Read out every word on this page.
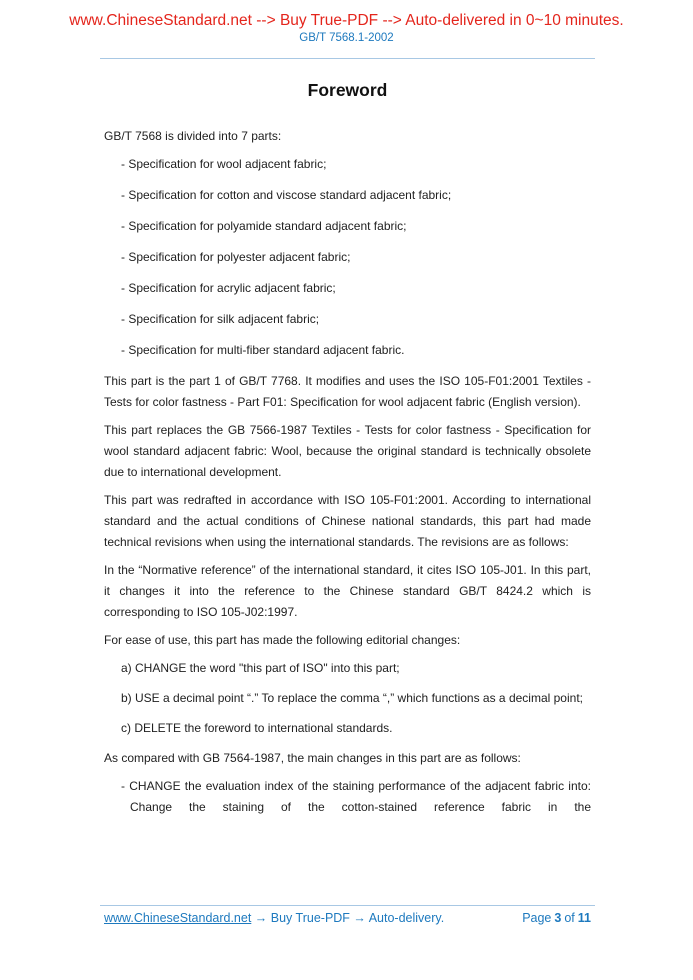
www.ChineseStandard.net --> Buy True-PDF --> Auto-delivered in 0~10 minutes.
GB/T 7568.1-2002
Foreword

GB/T 7568 is divided into 7 parts:

- Specification for wool adjacent fabric;

- Specification for cotton and viscose standard adjacent fabric;

- Specification for polyamide standard adjacent fabric;

- Specification for polyester adjacent fabric;

- Specification for acrylic adjacent fabric;

- Specification for silk adjacent fabric;

- Specification for multi-fiber standard adjacent fabric.

This part is the part 1 of GB/T 7768. It modifies and uses the ISO 105-F01:2001 Textiles - Tests for color fastness - Part F01: Specification for wool adjacent fabric (English version).

This part replaces the GB 7566-1987 Textiles - Tests for color fastness - Specification for wool standard adjacent fabric: Wool, because the original standard is technically obsolete due to international development.

This part was redrafted in accordance with ISO 105-F01:2001. According to international standard and the actual conditions of Chinese national standards, this part had made technical revisions when using the international standards. The revisions are as follows:

In the “Normative reference” of the international standard, it cites ISO 105-J01. In this part, it changes it into the reference to the Chinese standard GB/T 8424.2 which is corresponding to ISO 105-J02:1997.

For ease of use, this part has made the following editorial changes:

a) CHANGE the word "this part of ISO" into this part;

b) USE a decimal point “.” To replace the comma “,” which functions as a decimal point;

c) DELETE the foreword to international standards.

As compared with GB 7564-1987, the main changes in this part are as follows:

- CHANGE the evaluation index of the staining performance of the adjacent fabric into: Change the staining of the cotton-stained reference fabric in the

www.ChineseStandard.net → Buy True-PDF → Auto-delivery.	Page 3 of 11
